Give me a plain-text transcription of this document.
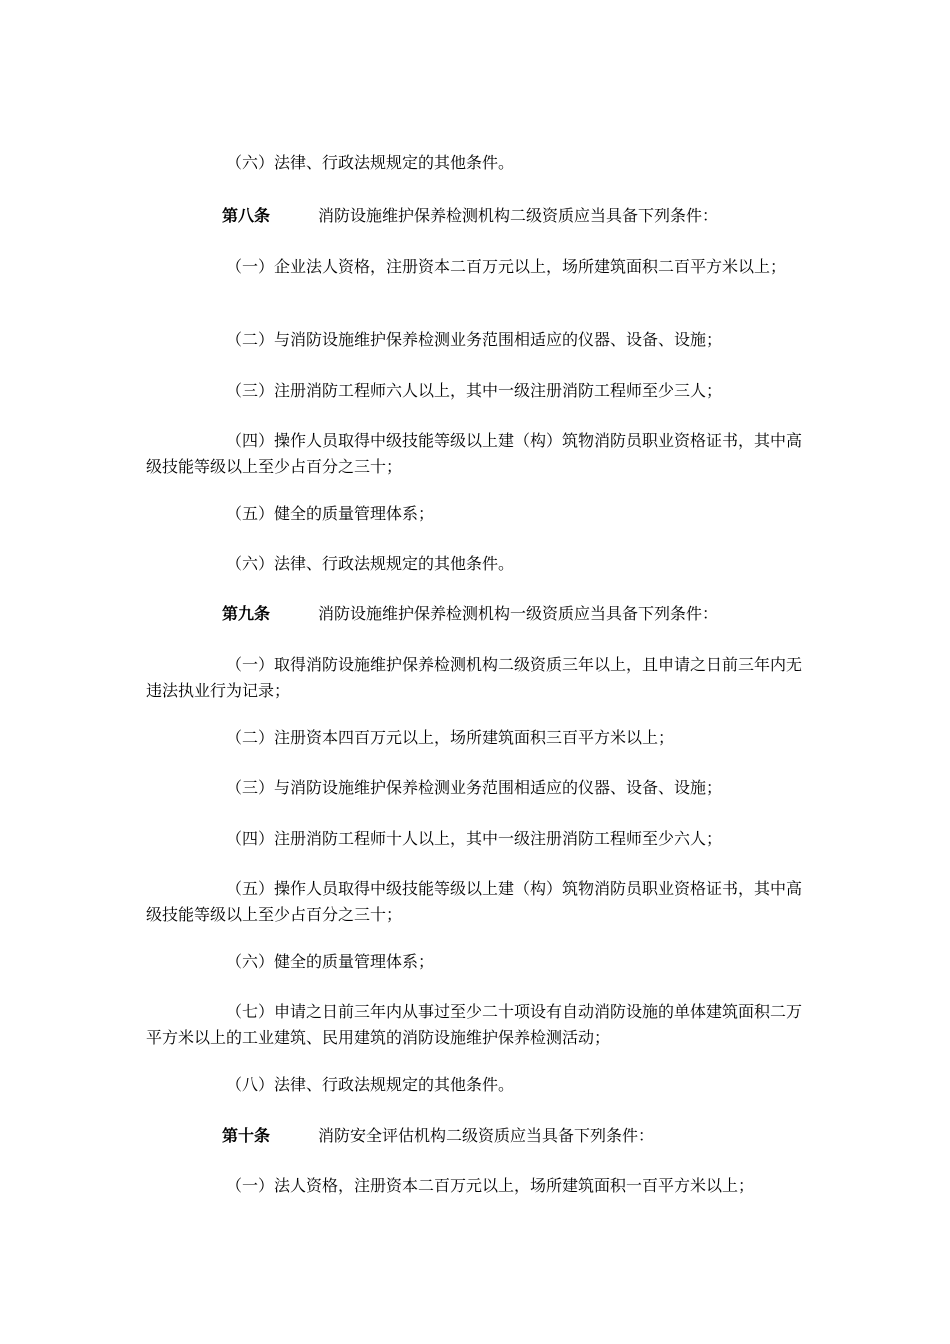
（六）法律、行政法规规定的其他条件。

第八条	消防设施维护保养检测机构二级资质应当具备下列条件：

（一）企业法人资格，注册资本二百万元以上，场所建筑面积二百平方米以上；

（二）与消防设施维护保养检测业务范围相适应的仪器、设备、设施；

（三）注册消防工程师六人以上，其中一级注册消防工程师至少三人；

（四）操作人员取得中级技能等级以上建（构）筑物消防员职业资格证书，其中高级技能等级以上至少占百分之三十；

（五）健全的质量管理体系；

（六）法律、行政法规规定的其他条件。

第九条	消防设施维护保养检测机构一级资质应当具备下列条件：

（一）取得消防设施维护保养检测机构二级资质三年以上，且申请之日前三年内无违法执业行为记录；

（二）注册资本四百万元以上，场所建筑面积三百平方米以上；

（三）与消防设施维护保养检测业务范围相适应的仪器、设备、设施；

（四）注册消防工程师十人以上，其中一级注册消防工程师至少六人；

（五）操作人员取得中级技能等级以上建（构）筑物消防员职业资格证书，其中高级技能等级以上至少占百分之三十；

（六）健全的质量管理体系；

（七）申请之日前三年内从事过至少二十项设有自动消防设施的单体建筑面积二万平方米以上的工业建筑、民用建筑的消防设施维护保养检测活动；

（八）法律、行政法规规定的其他条件。

第十条	消防安全评估机构二级资质应当具备下列条件：

（一）法人资格，注册资本二百万元以上，场所建筑面积一百平方米以上；
